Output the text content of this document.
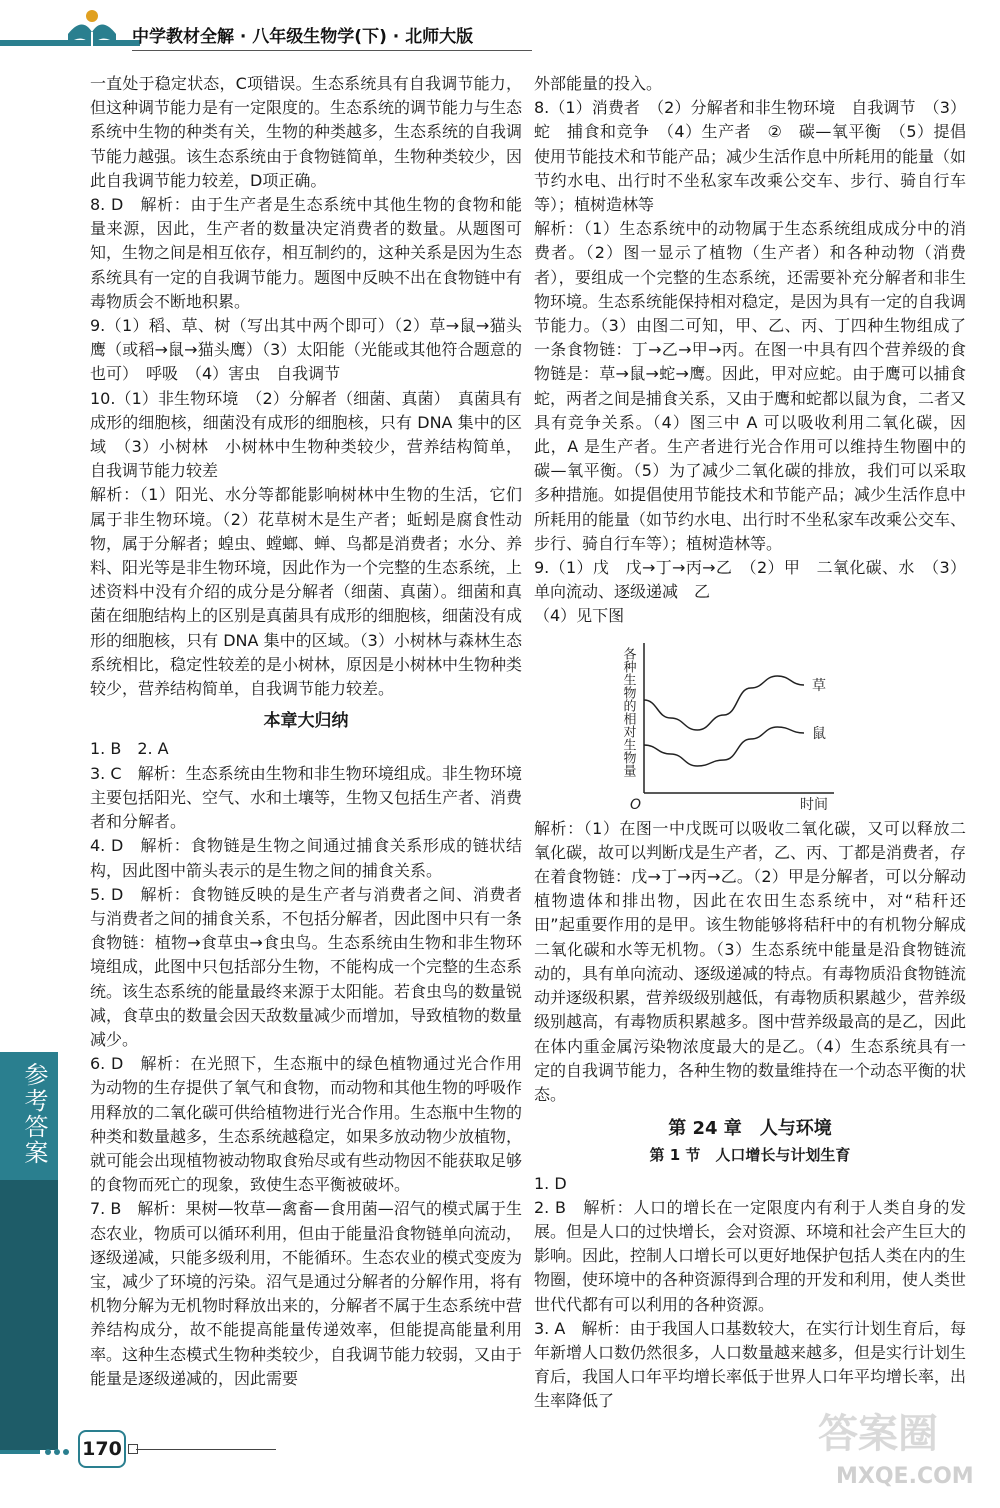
中学教材全解 · 八年级生物学(下) · 北师大版

一直处于稳定状态，C项错误。生态系统具有自我调节能力，但这种调节能力是有一定限度的。生态系统的调节能力与生态系统中生物的种类有关，生物的种类越多，生态系统的自我调节能力越强。该生态系统由于食物链简单，生物种类较少，因此自我调节能力较差，D项正确。

8. D　解析：由于生产者是生态系统中其他生物的食物和能量来源，因此，生产者的数量决定消费者的数量。从题图可知，生物之间是相互依存，相互制约的，这种关系是因为生态系统具有一定的自我调节能力。题图中反映不出在食物链中有毒物质会不断地积累。

9.（1）稻、草、树（写出其中两个即可）（2）草→鼠→猫头鹰（或稻→鼠→猫头鹰）（3）太阳能（光能或其他符合题意的也可）　呼吸　（4）害虫　自我调节

10.（1）非生物环境　（2）分解者（细菌、真菌）　真菌具有成形的细胞核，细菌没有成形的细胞核，只有 DNA 集中的区域　（3）小树林　小树林中生物种类较少，营养结构简单，自我调节能力较差

解析：（1）阳光、水分等都能影响树林中生物的生活，它们属于非生物环境。（2）花草树木是生产者；蚯蚓是腐食性动物，属于分解者；蝗虫、螳螂、蝉、鸟都是消费者；水分、养料、阳光等是非生物环境，因此作为一个完整的生态系统，上述资料中没有介绍的成分是分解者（细菌、真菌）。细菌和真菌在细胞结构上的区别是真菌具有成形的细胞核，细菌没有成形的细胞核，只有 DNA 集中的区域。（3）小树林与森林生态系统相比，稳定性较差的是小树林，原因是小树林中生物种类较少，营养结构简单，自我调节能力较差。

本章大归纳

1. B　2. A

3. C　解析：生态系统由生物和非生物环境组成。非生物环境主要包括阳光、空气、水和土壤等，生物又包括生产者、消费者和分解者。

4. D　解析：食物链是生物之间通过捕食关系形成的链状结构，因此图中箭头表示的是生物之间的捕食关系。

5. D　解析：食物链反映的是生产者与消费者之间、消费者与消费者之间的捕食关系，不包括分解者，因此图中只有一条食物链：植物→食草虫→食虫鸟。生态系统由生物和非生物环境组成，此图中只包括部分生物，不能构成一个完整的生态系统。该生态系统的能量最终来源于太阳能。若食虫鸟的数量锐减，食草虫的数量会因天敌数量减少而增加，导致植物的数量减少。

6. D　解析：在光照下，生态瓶中的绿色植物通过光合作用为动物的生存提供了氧气和食物，而动物和其他生物的呼吸作用释放的二氧化碳可供给植物进行光合作用。生态瓶中生物的种类和数量越多，生态系统越稳定，如果多放动物少放植物，就可能会出现植物被动物取食殆尽或有些动物因不能获取足够的食物而死亡的现象，致使生态平衡被破坏。

7. B　解析：果树—牧草—禽畜—食用菌—沼气的模式属于生态农业，物质可以循环利用，但由于能量沿食物链单向流动，逐级递减，只能多级利用，不能循环。生态农业的模式变废为宝，减少了环境的污染。沼气是通过分解者的分解作用，将有机物分解为无机物时释放出来的，分解者不属于生态系统中营养结构成分，故不能提高能量传递效率，但能提高能量利用率。这种生态模式生物种类较少，自我调节能力较弱，又由于能量是逐级递减的，因此需要

外部能量的投入。

8.（1）消费者　（2）分解者和非生物环境　自我调节　（3）蛇　捕食和竞争　（4）生产者　②　碳—氧平衡　（5）提倡使用节能技术和节能产品；减少生活作息中所耗用的能量（如节约水电、出行时不坐私家车改乘公交车、步行、骑自行车等）；植树造林等

解析：（1）生态系统中的动物属于生态系统组成成分中的消费者。（2）图一显示了植物（生产者）和各种动物（消费者），要组成一个完整的生态系统，还需要补充分解者和非生物环境。生态系统能保持相对稳定，是因为具有一定的自我调节能力。（3）由图二可知，甲、乙、丙、丁四种生物组成了一条食物链：丁→乙→甲→丙。在图一中具有四个营养级的食物链是：草→鼠→蛇→鹰。因此，甲对应蛇。由于鹰可以捕食蛇，两者之间是捕食关系，又由于鹰和蛇都以鼠为食，二者又具有竞争关系。（4）图三中 A 可以吸收利用二氧化碳，因此，A 是生产者。生产者进行光合作用可以维持生物圈中的碳—氧平衡。（5）为了减少二氧化碳的排放，我们可以采取多种措施。如提倡使用节能技术和节能产品；减少生活作息中所耗用的能量（如节约水电、出行时不坐私家车改乘公交车、步行、骑自行车等）；植树造林等。

9.（1）戊　戊→丁→丙→乙　（2）甲　二氧化碳、水　（3）单向流动、逐级递减　乙

（4）见下图

草
鼠
各种生物的相对生物量
时间
O

解析：（1）在图一中戊既可以吸收二氧化碳，又可以释放二氧化碳，故可以判断戊是生产者，乙、丙、丁都是消费者，存在着食物链：戊→丁→丙→乙。（2）甲是分解者，可以分解动植物遗体和排出物，因此在农田生态系统中，对“秸秆还田”起重要作用的是甲。该生物能够将秸秆中的有机物分解成二氧化碳和水等无机物。（3）生态系统中能量是沿食物链流动的，具有单向流动、逐级递减的特点。有毒物质沿食物链流动并逐级积累，营养级级别越低，有毒物质积累越少，营养级级别越高，有毒物质积累越多。图中营养级最高的是乙，因此在体内重金属污染物浓度最大的是乙。（4）生态系统具有一定的自我调节能力，各种生物的数量维持在一个动态平衡的状态。

第 24 章　人与环境
第 1 节　人口增长与计划生育

1. D

2. B　解析：人口的增长在一定限度内有利于人类自身的发展。但是人口的过快增长，会对资源、环境和社会产生巨大的影响。因此，控制人口增长可以更好地保护包括人类在内的生物圈，使环境中的各种资源得到合理的开发和利用，使人类世世代代都有可以利用的各种资源。

3. A　解析：由于我国人口基数较大，在实行计划生育后，每年新增人口数仍然很多，人口数量越来越多，但是实行计划生育后，我国人口年平均增长率低于世界人口年平均增长率，出生率降低了

参考答案
170	答案圈
MXQE.COM
